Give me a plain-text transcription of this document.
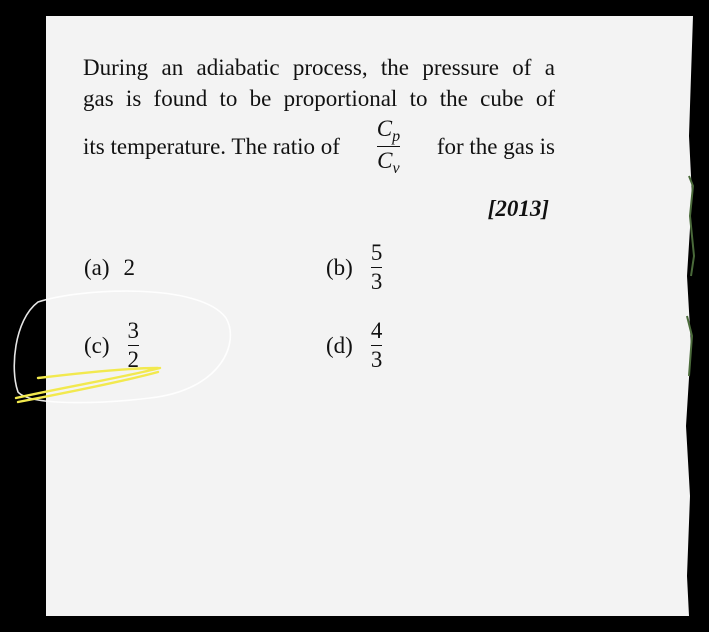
During an adiabatic process, the pressure of a
gas is found to be proportional to the cube of
its temperature. The ratio of $\frac{C_p}{C_v}$ for the gas is
[2013]
(a) 2	$(b) \frac{5}{3}$
$(c) \frac{3}{2}$	$(d) \frac{4}{3}$
